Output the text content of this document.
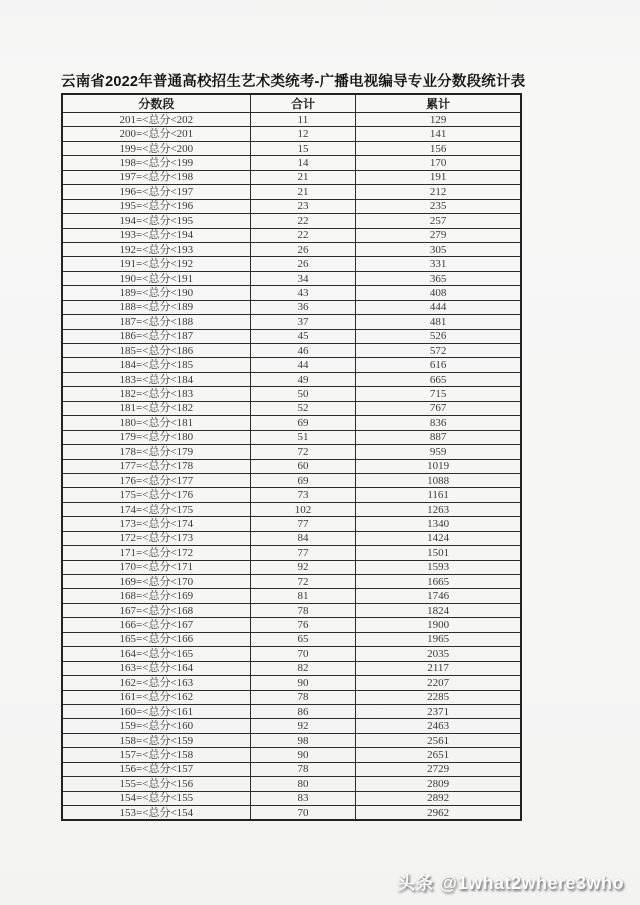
云南省2022年普通高校招生艺术类统考-广播电视编导专业分数段统计表
分数段	合计	累计
201=<总分<202	11	129
200=<总分<201	12	141
199=<总分<200	15	156
198=<总分<199	14	170
197=<总分<198	21	191
196=<总分<197	21	212
195=<总分<196	23	235
194=<总分<195	22	257
193=<总分<194	22	279
192=<总分<193	26	305
191=<总分<192	26	331
190=<总分<191	34	365
189=<总分<190	43	408
188=<总分<189	36	444
187=<总分<188	37	481
186=<总分<187	45	526
185=<总分<186	46	572
184=<总分<185	44	616
183=<总分<184	49	665
182=<总分<183	50	715
181=<总分<182	52	767
180=<总分<181	69	836
179=<总分<180	51	887
178=<总分<179	72	959
177=<总分<178	60	1019
176=<总分<177	69	1088
175=<总分<176	73	1161
174=<总分<175	102	1263
173=<总分<174	77	1340
172=<总分<173	84	1424
171=<总分<172	77	1501
170=<总分<171	92	1593
169=<总分<170	72	1665
168=<总分<169	81	1746
167=<总分<168	78	1824
166=<总分<167	76	1900
165=<总分<166	65	1965
164=<总分<165	70	2035
163=<总分<164	82	2117
162=<总分<163	90	2207
161=<总分<162	78	2285
160=<总分<161	86	2371
159=<总分<160	92	2463
158=<总分<159	98	2561
157=<总分<158	90	2651
156=<总分<157	78	2729
155=<总分<156	80	2809
154=<总分<155	83	2892
153=<总分<154	70	2962
头条 @1what2where3who
